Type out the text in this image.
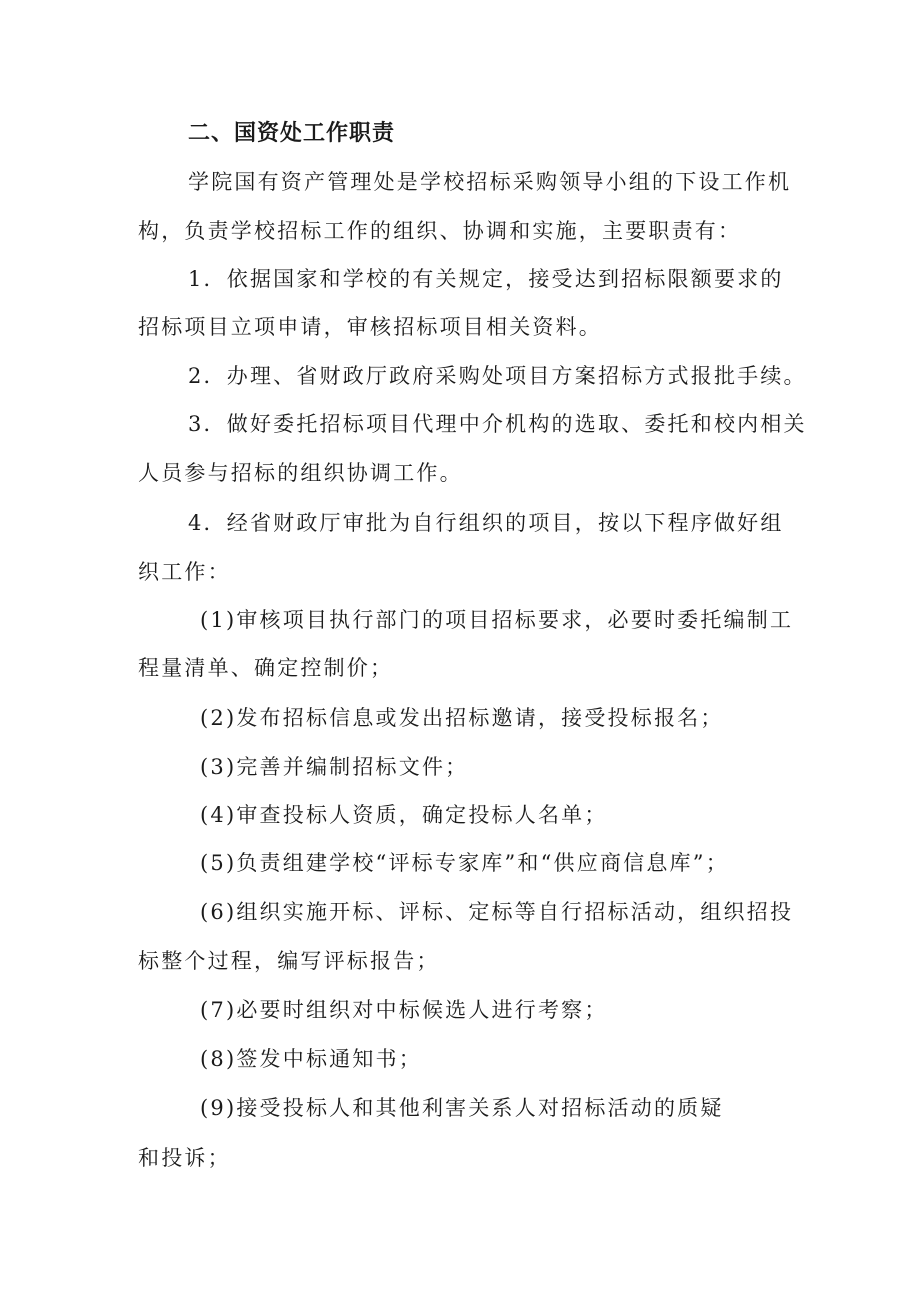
二、国资处工作职责
学院国有资产管理处是学校招标采购领导小组的下设工作机
构，负责学校招标工作的组织、协调和实施，主要职责有：
1．依据国家和学校的有关规定，接受达到招标限额要求的
招标项目立项申请，审核招标项目相关资料。
2．办理、省财政厅政府采购处项目方案招标方式报批手续。
3．做好委托招标项目代理中介机构的选取、委托和校内相关
人员参与招标的组织协调工作。
4．经省财政厅审批为自行组织的项目，按以下程序做好组
织工作：
(1)审核项目执行部门的项目招标要求，必要时委托编制工
程量清单、确定控制价；
(2)发布招标信息或发出招标邀请，接受投标报名；
(3)完善并编制招标文件；
(4)审查投标人资质，确定投标人名单；
(5)负责组建学校“评标专家库”和“供应商信息库”；
(6)组织实施开标、评标、定标等自行招标活动，组织招投
标整个过程，编写评标报告；
(7)必要时组织对中标候选人进行考察；
(8)签发中标通知书；
(9)接受投标人和其他利害关系人对招标活动的质疑
和投诉；
